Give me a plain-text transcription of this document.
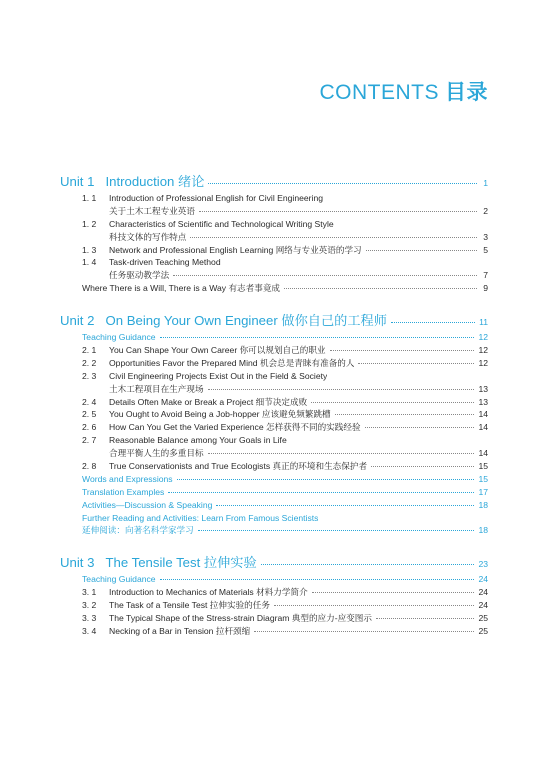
CONTENTS 目录
Unit 1 Introduction 绪论	1
1. 1 Introduction of Professional English for Civil Engineering
关于土木工程专业英语	2
1. 2 Characteristics of Scientific and Technological Writing Style
科技文体的写作特点	3
1. 3 Network and Professional English Learning 网络与专业英语的学习	5
1. 4 Task-driven Teaching Method
任务驱动教学法	7
Where There is a Will, There is a Way 有志者事竟成	9
Unit 2 On Being Your Own Engineer 做你自己的工程师	11
Teaching Guidance	12
2. 1 You Can Shape Your Own Career 你可以规划自己的职业	12
2. 2 Opportunities Favor the Prepared Mind 机会总是青睐有准备的人	12
2. 3 Civil Engineering Projects Exist Out in the Field & Society
土木工程项目在生产现场	13
2. 4 Details Often Make or Break a Project 细节决定成败	13
2. 5 You Ought to Avoid Being a Job-hopper 应该避免频繁跳槽	14
2. 6 How Can You Get the Varied Experience 怎样获得不同的实践经验	14
2. 7 Reasonable Balance among Your Goals in Life
合理平衡人生的多重目标	14
2. 8 True Conservationists and True Ecologists 真正的环境和生态保护者	15
Words and Expressions	15
Translation Examples	17
Activities—Discussion & Speaking	18
Further Reading and Activities: Learn From Famous Scientists
延伸阅读：向著名科学家学习	18
Unit 3 The Tensile Test 拉伸实验	23
Teaching Guidance	24
3. 1 Introduction to Mechanics of Materials 材料力学简介	24
3. 2 The Task of a Tensile Test 拉伸实验的任务	24
3. 3 The Typical Shape of the Stress-strain Diagram 典型的应力-应变图示	25
3. 4 Necking of a Bar in Tension 拉杆颈缩	25
